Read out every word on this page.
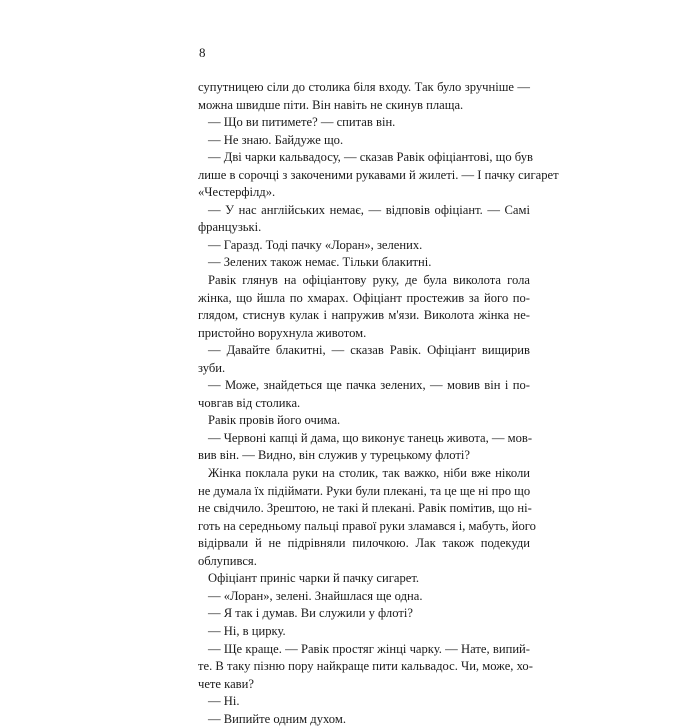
8
супутницею сіли до столика біля входу. Так було зручніше —
можна швидше піти. Він навіть не скинув плаща.
— Що ви питимете? — спитав він.
— Не знаю. Байдуже що.
— Дві чарки кальвадосу, — сказав Равік офіціантові, що був
лише в сорочці з закоченими рукавами й жилеті. — І пачку сигарет
«Честерфілд».
— У нас англійських немає, — відповів офіціант. — Самі
французькі.
— Гаразд. Тоді пачку «Лоран», зелених.
— Зелених також немає. Тільки блакитні.
Равік глянув на офіціантову руку, де була виколота гола
жінка, що йшла по хмарах. Офіціант простежив за його по-
глядом, стиснув кулак і напружив м'язи. Виколота жінка не-
пристойно ворухнула животом.
— Давайте блакитні, — сказав Равік. Офіціант вищирив
зуби.
— Може, знайдеться ще пачка зелених, — мовив він і по-
човгав від столика.
Равік провів його очима.
— Червоні капці й дама, що виконує танець живота, — мов-
вив він. — Видно, він служив у турецькому флоті?
Жінка поклала руки на столик, так важко, ніби вже ніколи
не думала їх підіймати. Руки були плекані, та це ще ні про що
не свідчило. Зрештою, не такі й плекані. Равік помітив, що ні-
готь на середньому пальці правої руки зламався і, мабуть, його
відірвали й не підрівняли пилочкою. Лак також подекуди
облупився.
Офіціант приніс чарки й пачку сигарет.
— «Лоран», зелені. Знайшлася ще одна.
— Я так і думав. Ви служили у флоті?
— Ні, в цирку.
— Ще краще. — Равік простяг жінці чарку. — Нате, випий-
те. В таку пізню пору найкраще пити кальвадос. Чи, може, хо-
чете кави?
— Ні.
— Випийте одним духом.
